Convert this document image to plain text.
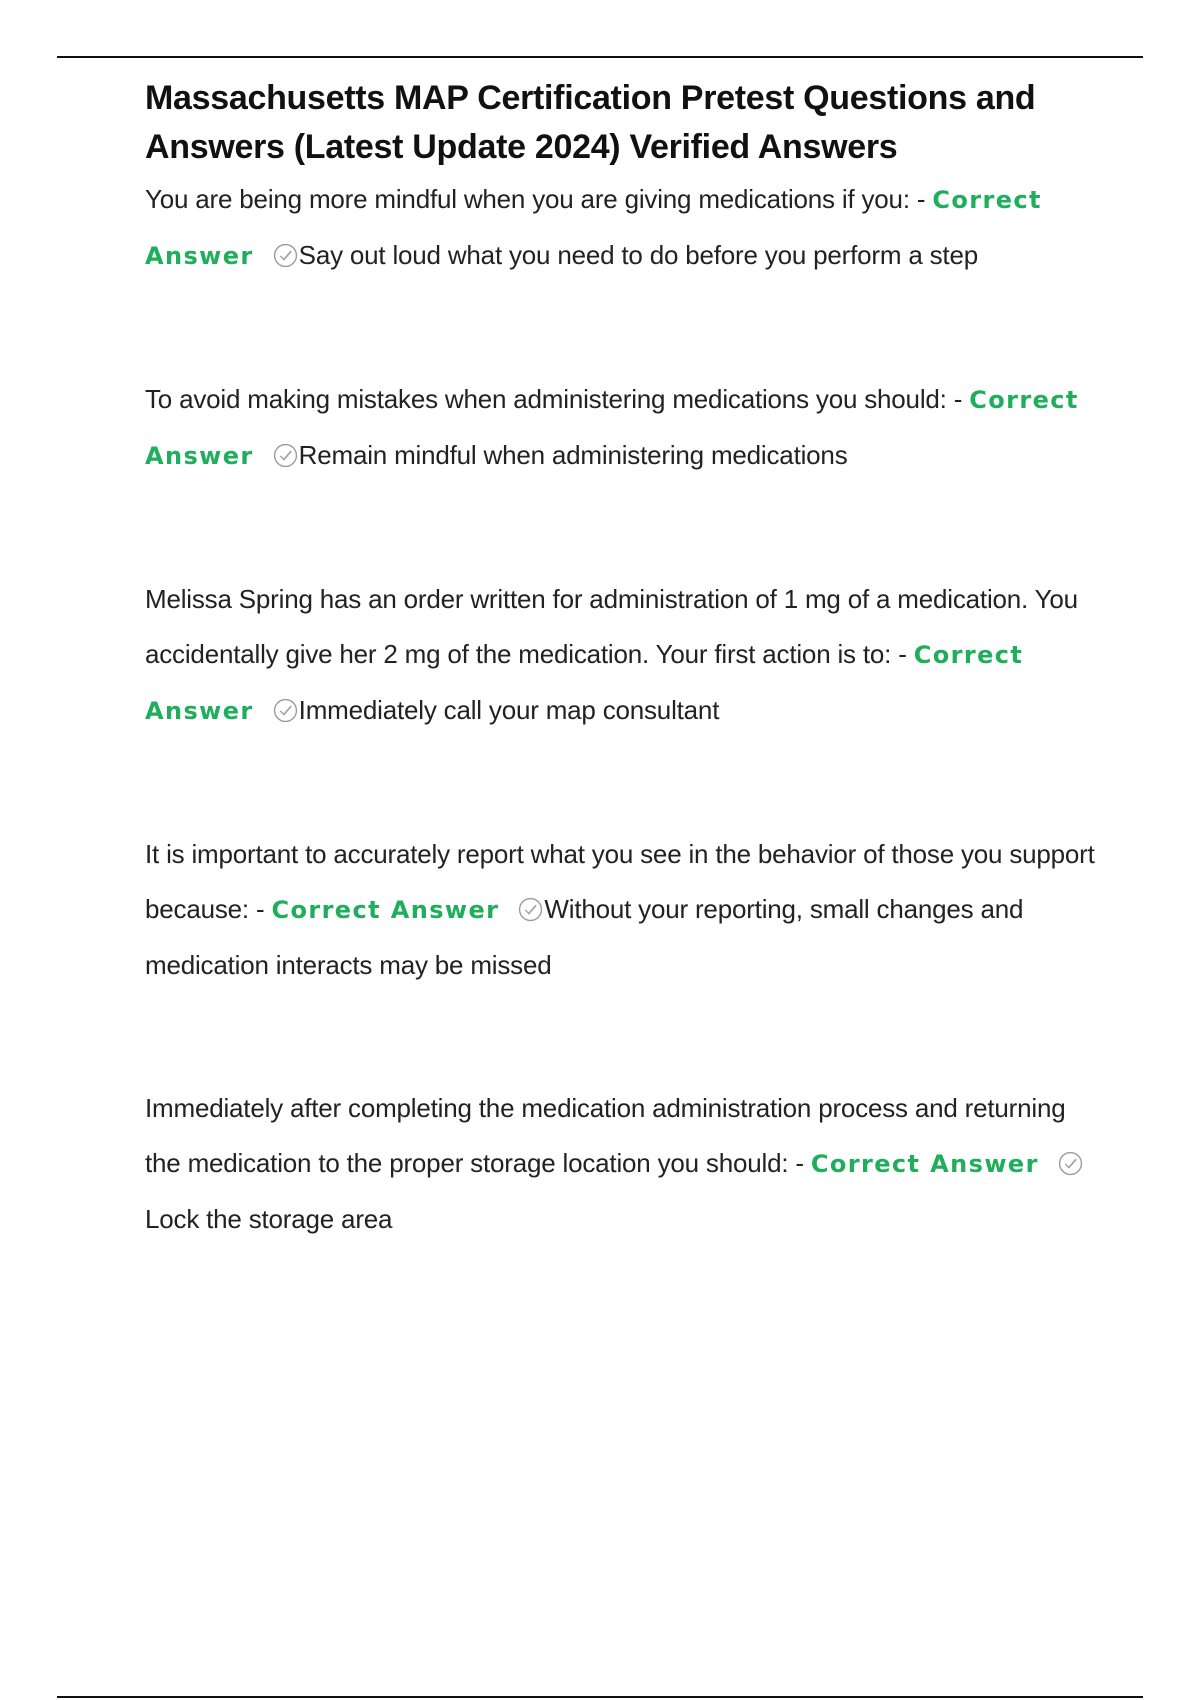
Massachusetts MAP Certification Pretest Questions and Answers (Latest Update 2024) Verified Answers

You are being more mindful when you are giving medications if you: - Correct Answer Say out loud what you need to do before you perform a step

To avoid making mistakes when administering medications you should: - Correct Answer Remain mindful when administering medications

Melissa Spring has an order written for administration of 1 mg of a medication. You accidentally give her 2 mg of the medication. Your first action is to: - Correct Answer Immediately call your map consultant

It is important to accurately report what you see in the behavior of those you support because: - Correct Answer Without your reporting, small changes and medication interacts may be missed

Immediately after completing the medication administration process and returning the medication to the proper storage location you should: - Correct Answer Lock the storage area
